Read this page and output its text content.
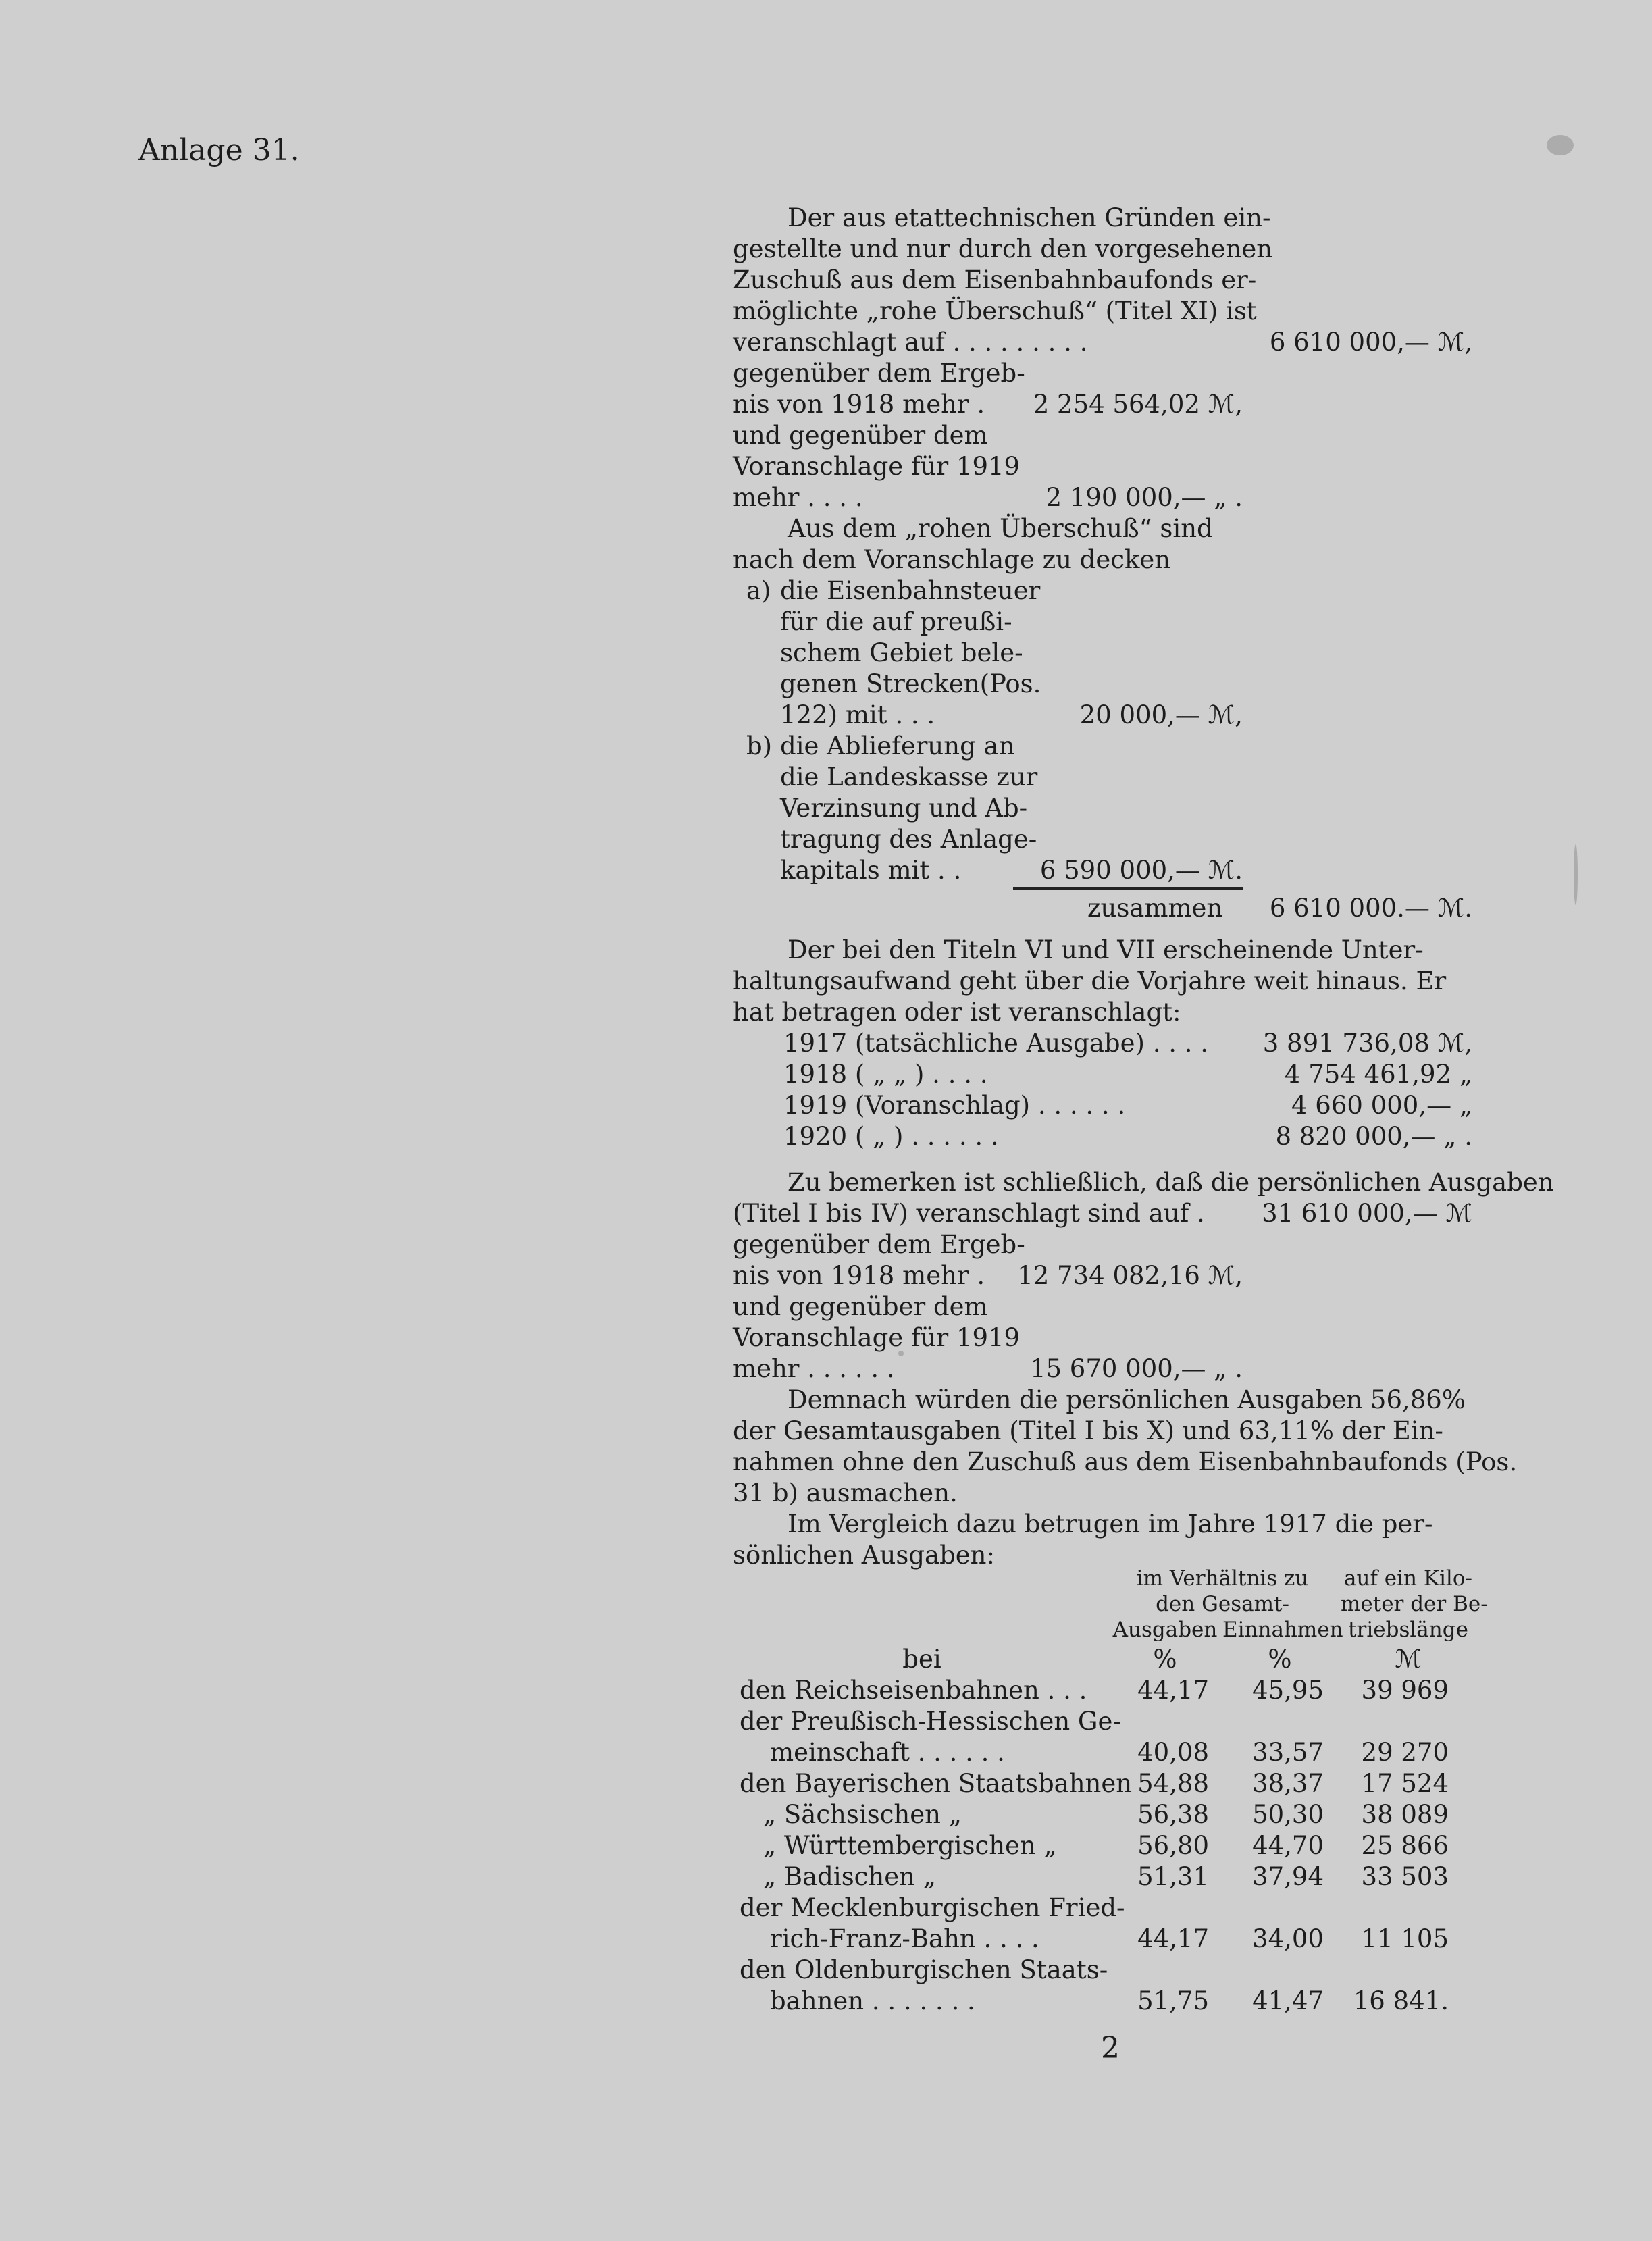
Anlage 31.
Der aus etattechnischen Gründen ein-
gestellte und nur durch den vorgesehenen
Zuschuß aus dem Eisenbahnbaufonds er-
möglichte „rohe Überschuß“ (Titel XI) ist
veranschlagt auf . . . . . . . . .	6 610 000,— ℳ,
gegenüber dem Ergeb-
nis von 1918 mehr .	2 254 564,02 ℳ,
und gegenüber dem
Voranschlage für 1919
mehr . . . .	2 190 000,— „ .
Aus dem „rohen Überschuß“ sind
nach dem Voranschlage zu decken
a) die Eisenbahnsteuer
für die auf preußi-
schem Gebiet bele-
genen Strecken(Pos.
122) mit . . .	20 000,— ℳ,
b) die Ablieferung an
die Landeskasse zur
Verzinsung und Ab-
tragung des Anlage-
kapitals mit . .	6 590 000,— ℳ.
zusammen	6 610 000.— ℳ.
Der bei den Titeln VI und VII erscheinende Unter-
haltungsaufwand geht über die Vorjahre weit hinaus. Er
hat betragen oder ist veranschlagt:
1917 (tatsächliche Ausgabe) . . . .	3 891 736,08 ℳ,
1918 ( „ „ ) . . . .	4 754 461,92 „
1919 (Voranschlag) . . . . . .	4 660 000,— „
1920 ( „ ) . . . . . .	8 820 000,— „ .
Zu bemerken ist schließlich, daß die persönlichen Ausgaben
(Titel I bis IV) veranschlagt sind auf .	31 610 000,— ℳ
gegenüber dem Ergeb-
nis von 1918 mehr .	12 734 082,16 ℳ,
und gegenüber dem
Voranschlage für 1919
mehr . . . . . .	15 670 000,— „ .
Demnach würden die persönlichen Ausgaben 56,86%
der Gesamtausgaben (Titel I bis X) und 63,11% der Ein-
nahmen ohne den Zuschuß aus dem Eisenbahnbaufonds (Pos.
31 b) ausmachen.
Im Vergleich dazu betrugen im Jahre 1917 die per-
sönlichen Ausgaben:
im Verhältnis zu
den Gesamt-
Ausgaben Einnahmen
auf ein Kilo-
meter der Be-
triebslänge
bei	%	%	ℳ
den Reichseisenbahnen . . .	44,17	45,95	39 969
der Preußisch-Hessischen Ge-
meinschaft . . . . . .	40,08	33,57	29 270
den Bayerischen Staatsbahnen 54,88	38,37	17 524
„ Sächsischen „	56,38	50,30	38 089
„ Württembergischen „	56,80	44,70	25 866
„ Badischen „	51,31	37,94	33 503
der Mecklenburgischen Fried-
rich-Franz-Bahn . . . .	44,17	34,00	11 105
den Oldenburgischen Staats-
bahnen . . . . . . .	51,75	41,47	16 841.
2
